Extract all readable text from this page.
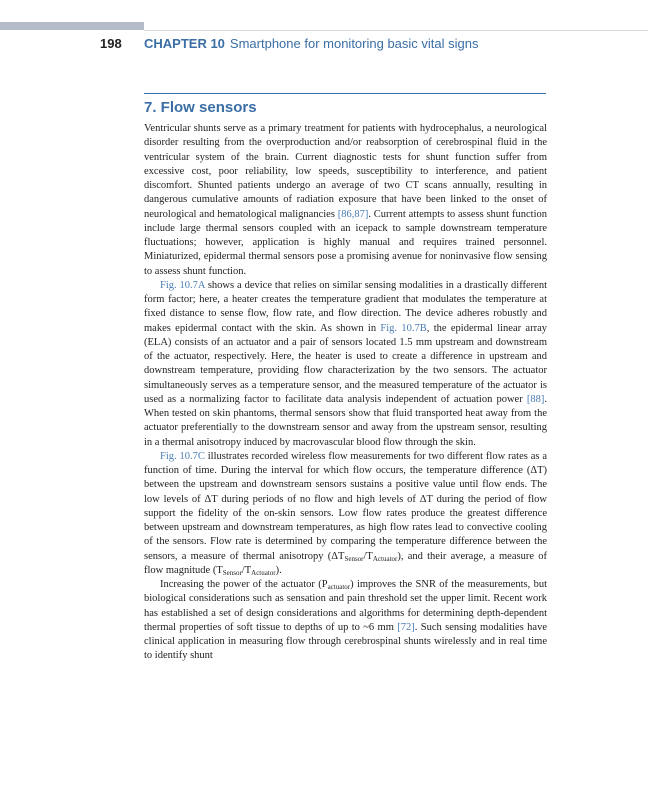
198 CHAPTER 10 Smartphone for monitoring basic vital signs
7. Flow sensors

Ventricular shunts serve as a primary treatment for patients with hydrocephalus, a neurological disorder resulting from the overproduction and/or reabsorption of cerebrospinal fluid in the ventricular system of the brain. Current diagnostic tests for shunt function suffer from excessive cost, poor reliability, low speeds, susceptibility to interference, and patient discomfort. Shunted patients undergo an average of two CT scans annually, resulting in dangerous cumulative amounts of radiation exposure that have been linked to the onset of neurological and hematological malignancies [86,87]. Current attempts to assess shunt function include large thermal sensors coupled with an icepack to sample downstream temperature fluctuations; however, application is highly manual and requires trained personnel. Miniaturized, epidermal thermal sensors pose a promising avenue for noninvasive flow sensing to assess shunt function.

Fig. 10.7A shows a device that relies on similar sensing modalities in a drastically different form factor; here, a heater creates the temperature gradient that modulates the temperature at fixed distance to sense flow, flow rate, and flow direction. The device adheres robustly and makes epidermal contact with the skin. As shown in Fig. 10.7B, the epidermal linear array (ELA) consists of an actuator and a pair of sensors located 1.5 mm upstream and downstream of the actuator, respectively. Here, the heater is used to create a difference in upstream and downstream temperature, providing flow characterization by the two sensors. The actuator simultaneously serves as a temperature sensor, and the measured temperature of the actuator is used as a normalizing factor to facilitate data analysis independent of actuation power [88]. When tested on skin phantoms, thermal sensors show that fluid transported heat away from the actuator preferentially to the downstream sensor and away from the upstream sensor, resulting in a thermal anisotropy induced by macrovascular blood flow through the skin.

Fig. 10.7C illustrates recorded wireless flow measurements for two different flow rates as a function of time. During the interval for which flow occurs, the temperature difference (ΔT) between the upstream and downstream sensors sustains a positive value until flow ends. The low levels of ΔT during periods of no flow and high levels of ΔT during the period of flow support the fidelity of the on-skin sensors. Low flow rates produce the greatest difference between upstream and downstream temperatures, as high flow rates lead to convective cooling of the sensors. Flow rate is determined by comparing the temperature difference between the sensors, a measure of thermal anisotropy $(\Delta T_{Sensor}/T_{Actuator})$, and their average, a measure of flow magnitude $(T_{Sensor}/T_{Actuator})$.

Increasing the power of the actuator $(P_{actuator})$ improves the SNR of the measurements, but biological considerations such as sensation and pain threshold set the upper limit. Recent work has established a set of design considerations and algorithms for determining depth-dependent thermal properties of soft tissue to depths of up to ~6 mm [72]. Such sensing modalities have clinical application in measuring flow through cerebrospinal shunts wirelessly and in real time to identify shunt
